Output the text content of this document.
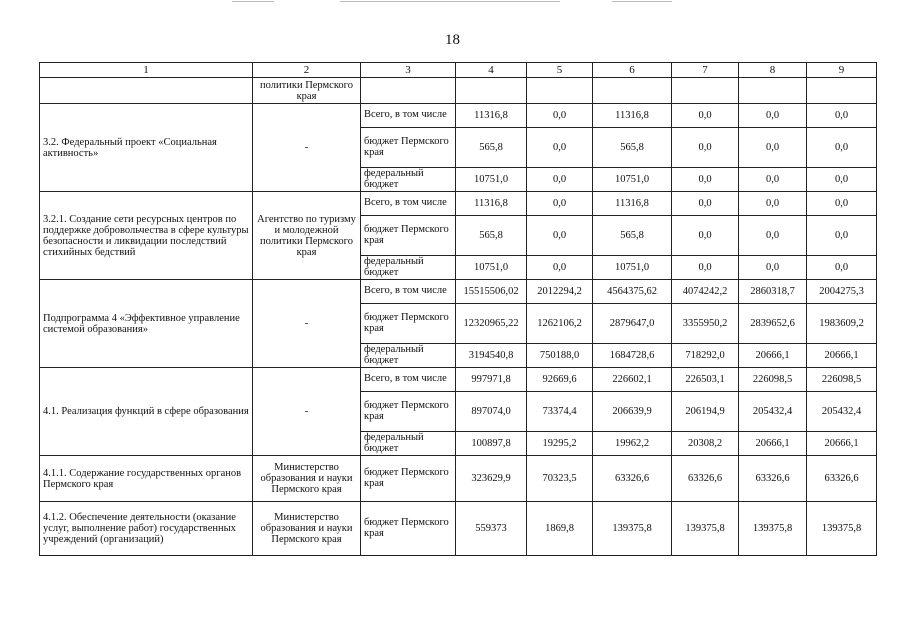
18
1	2	3	4	5	6	7	8	9
	политики Пермского края							
3.2. Федеральный проект «Социальная активность»	-	Всего, в том числе	11316,8	0,0	11316,8	0,0	0,0	0,0
		бюджет Пермского края	565,8	0,0	565,8	0,0	0,0	0,0
		федеральный бюджет	10751,0	0,0	10751,0	0,0	0,0	0,0
3.2.1. Создание сети ресурсных центров по поддержке добровольчества в сфере культуры безопасности и ликвидации последствий стихийных бедствий	Агентство по туризму и молодежной политики Пермского края	Всего, в том числе	11316,8	0,0	11316,8	0,0	0,0	0,0
		бюджет Пермского края	565,8	0,0	565,8	0,0	0,0	0,0
		федеральный бюджет	10751,0	0,0	10751,0	0,0	0,0	0,0
Подпрограмма 4 «Эффективное управление системой образования»	-	Всего, в том числе	15515506,02	2012294,2	4564375,62	4074242,2	2860318,7	2004275,3
		бюджет Пермского края	12320965,22	1262106,2	2879647,0	3355950,2	2839652,6	1983609,2
		федеральный бюджет	3194540,8	750188,0	1684728,6	718292,0	20666,1	20666,1
4.1. Реализация функций в сфере образования	-	Всего, в том числе	997971,8	92669,6	226602,1	226503,1	226098,5	226098,5
		бюджет Пермского края	897074,0	73374,4	206639,9	206194,9	205432,4	205432,4
		федеральный бюджет	100897,8	19295,2	19962,2	20308,2	20666,1	20666,1
4.1.1. Содержание государственных органов Пермского края	Министерство образования и науки Пермского края	бюджет Пермского края	323629,9	70323,5	63326,6	63326,6	63326,6	63326,6
4.1.2. Обеспечение деятельности (оказание услуг, выполнение работ) государственных учреждений (организаций)	Министерство образования и науки Пермского края	бюджет Пермского края	559373	1869,8	139375,8	139375,8	139375,8	139375,8
